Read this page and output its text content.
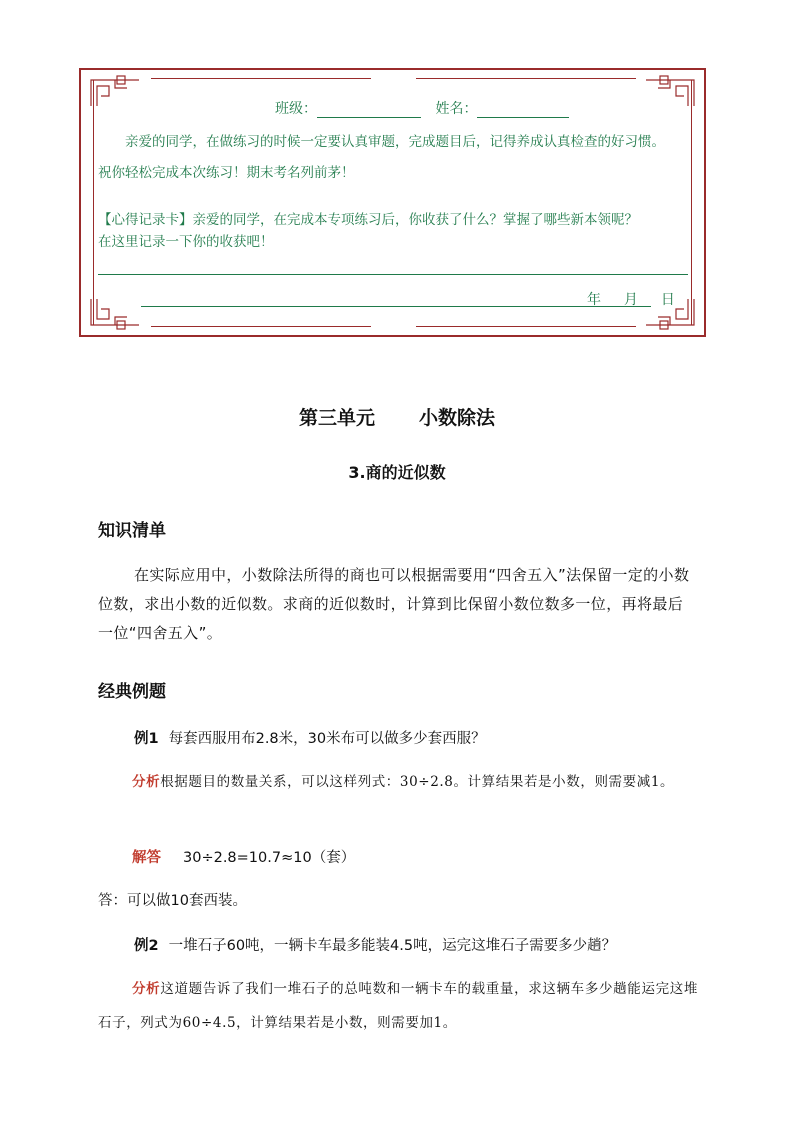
班级：	姓名：
亲爱的同学，在做练习的时候一定要认真审题，完成题目后，记得养成认真检查的好习惯。
祝你轻松完成本次练习！期末考名列前茅！
【心得记录卡】亲爱的同学，在完成本专项练习后，你收获了什么？掌握了哪些新本领呢？
在这里记录一下你的收获吧！
年 月 日
第三单元 小数除法
3.商的近似数
知识清单
在实际应用中，小数除法所得的商也可以根据需要用“四舍五入”法保留一定的小数位数，求出小数的近似数。求商的近似数时，计算到比保留小数位数多一位，再将最后一位“四舍五入”。
经典例题
例1 每套西服用布2.8米，30米布可以做多少套西服？
分析根据题目的数量关系，可以这样列式：30÷2.8。计算结果若是小数，则需要减1。
解答 30÷2.8=10.7≈10（套）
答：可以做10套西装。
例2 一堆石子60吨，一辆卡车最多能装4.5吨，运完这堆石子需要多少趟？
分析这道题告诉了我们一堆石子的总吨数和一辆卡车的载重量，求这辆车多少趟能运完这堆石子，列式为60÷4.5，计算结果若是小数，则需要加1。
